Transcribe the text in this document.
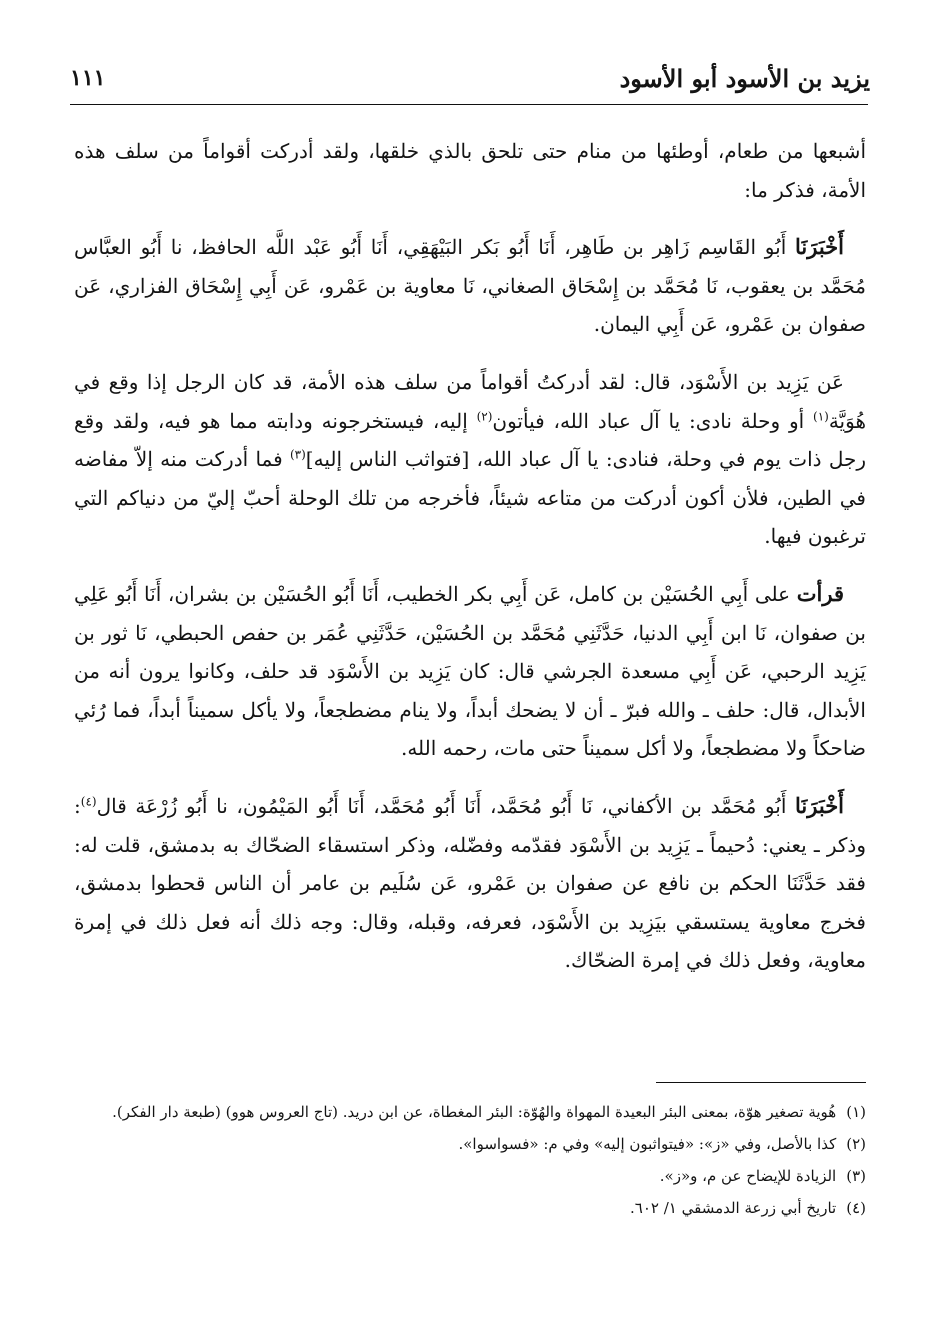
يزيد بن الأسود أبو الأسود
١١١

أشبعها من طعام، أوطئها من منام حتى تلحق بالذي خلقها، ولقد أدركت أقواماً من سلف هذه الأمة، فذكر ما:

أَخْبَرَنَا أَبُو القَاسِم زَاهِر بن طَاهِر، أَنَا أَبُو بَكر البَيْهَقِي، أَنَا أَبُو عَبْد اللَّه الحافظ، نا أَبُو العبَّاس مُحَمَّد بن يعقوب، نَا مُحَمَّد بن إِسْحَاق الصغاني، نَا معاوية بن عَمْرو، عَن أَبِي إِسْحَاق الفزاري، عَن صفوان بن عَمْرو، عَن أَبِي اليمان.

عَن يَزِيد بن الأَسْوَد، قال: لقد أدركتُ أقواماً من سلف هذه الأمة، قد كان الرجل إذا وقع في هُوَيَّة$^{(١)}$ أو وحلة نادى: يا آل عباد الله، فيأتون$^{(٢)}$ إليه، فيستخرجونه ودابته مما هو فيه، ولقد وقع رجل ذات يوم في وحلة، فنادى: يا آل عباد الله، [فتواثب الناس إليه]$^{(٣)}$ فما أدركت منه إلاّ مفاضه في الطين، فلأن أكون أدركت من متاعه شيئاً، فأخرجه من تلك الوحلة أحبّ إليّ من دنياكم التي ترغبون فيها.

قرأت على أَبِي الحُسَيْن بن كامل، عَن أَبِي بكر الخطيب، أَنَا أَبُو الحُسَيْن بن بشران، أَنَا أَبُو عَلِي بن صفوان، نَا ابن أَبِي الدنيا، حَدَّثَنِي مُحَمَّد بن الحُسَيْن، حَدَّثَنِي عُمَر بن حفص الحبطي، نَا ثور بن يَزِيد الرحبي، عَن أَبِي مسعدة الجرشي قال: كان يَزِيد بن الأَسْوَد قد حلف، وكانوا يرون أنه من الأبدال، قال: حلف ـ والله فبرّ ـ أن لا يضحك أبداً، ولا ينام مضطجعاً، ولا يأكل سميناً أبداً، فما رُئي ضاحكاً ولا مضطجعاً، ولا أكل سميناً حتى مات، رحمه الله.

أَخْبَرَنَا أَبُو مُحَمَّد بن الأكفاني، نَا أَبُو مُحَمَّد، أَنَا أَبُو مُحَمَّد، أَنَا أَبُو المَيْمُون، نا أَبُو زُرْعَة قال$^{(٤)}$: وذكر ـ يعني: دُحيماً ـ يَزِيد بن الأَسْوَد فقدّمه وفضّله، وذكر استسقاء الضحّاك به بدمشق، قلت له: فقد حَدَّثَنَا الحكم بن نافع عن صفوان بن عَمْرو، عَن سُلَيم بن عامر أن الناس قحطوا بدمشق، فخرج معاوية يستسقي بيَزِيد بن الأَسْوَد، فعرفه، وقبله، وقال: وجه ذلك أنه فعل ذلك في إمرة معاوية، وفعل ذلك في إمرة الضحّاك.

(١)
هُوية تصغير هوّة، بمعنى البئر البعيدة المهواة والهُوّة: البئر المغطاة، عن ابن دريد. (تاج العروس هوو) (طبعة دار الفكر).
(٢)
كذا بالأصل، وفي «ز»: «فيتواثبون إليه» وفي م: «فسواسوا».
(٣)
الزيادة للإيضاح عن م، و«ز».
(٤)
تاريخ أبي زرعة الدمشقي ١/ ٦٠٢.
